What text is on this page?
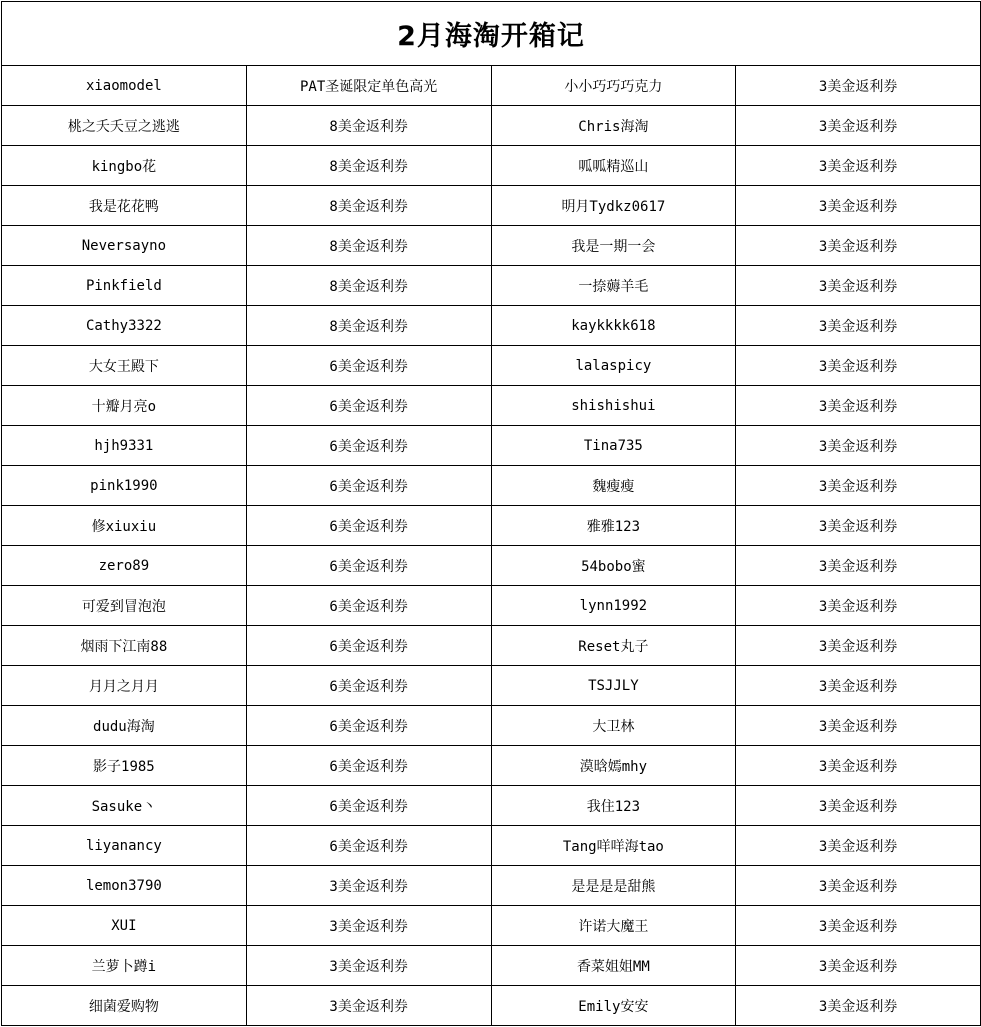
2月海淘开箱记			
xiaomodel	PAT圣诞限定单色高光	小小巧巧巧克力	3美金返利券
桃之夭夭豆之逃逃	8美金返利券	Chris海淘	3美金返利券
kingbo花	8美金返利券	呱呱精巡山	3美金返利券
我是花花鸭	8美金返利券	明月Tydkz0617	3美金返利券
Neversayno	8美金返利券	我是一期一会	3美金返利券
Pinkfield	8美金返利券	一捺薅羊毛	3美金返利券
Cathy3322	8美金返利券	kaykkkk618	3美金返利券
大女王殿下	6美金返利券	lalaspicy	3美金返利券
十瓣月亮o	6美金返利券	shishishui	3美金返利券
hjh9331	6美金返利券	Tina735	3美金返利券
pink1990	6美金返利券	魏瘦瘦	3美金返利券
修xiuxiu	6美金返利券	雅雅123	3美金返利券
zero89	6美金返利券	54bobo蜜	3美金返利券
可爱到冒泡泡	6美金返利券	lynn1992	3美金返利券
烟雨下江南88	6美金返利券	Reset丸子	3美金返利券
月月之月月	6美金返利券	TSJJLY	3美金返利券
dudu海淘	6美金返利券	大卫林	3美金返利券
影子1985	6美金返利券	漠晗嫣mhy	3美金返利券
Sasuke丶	6美金返利券	我住123	3美金返利券
liyanancy	6美金返利券	Tang咩咩海tao	3美金返利券
lemon3790	3美金返利券	是是是是甜熊	3美金返利券
XUI	3美金返利券	许诺大魔王	3美金返利券
兰萝卜蹲i	3美金返利券	香菜姐姐MM	3美金返利券
细菌爱购物	3美金返利券	Emily安安	3美金返利券
